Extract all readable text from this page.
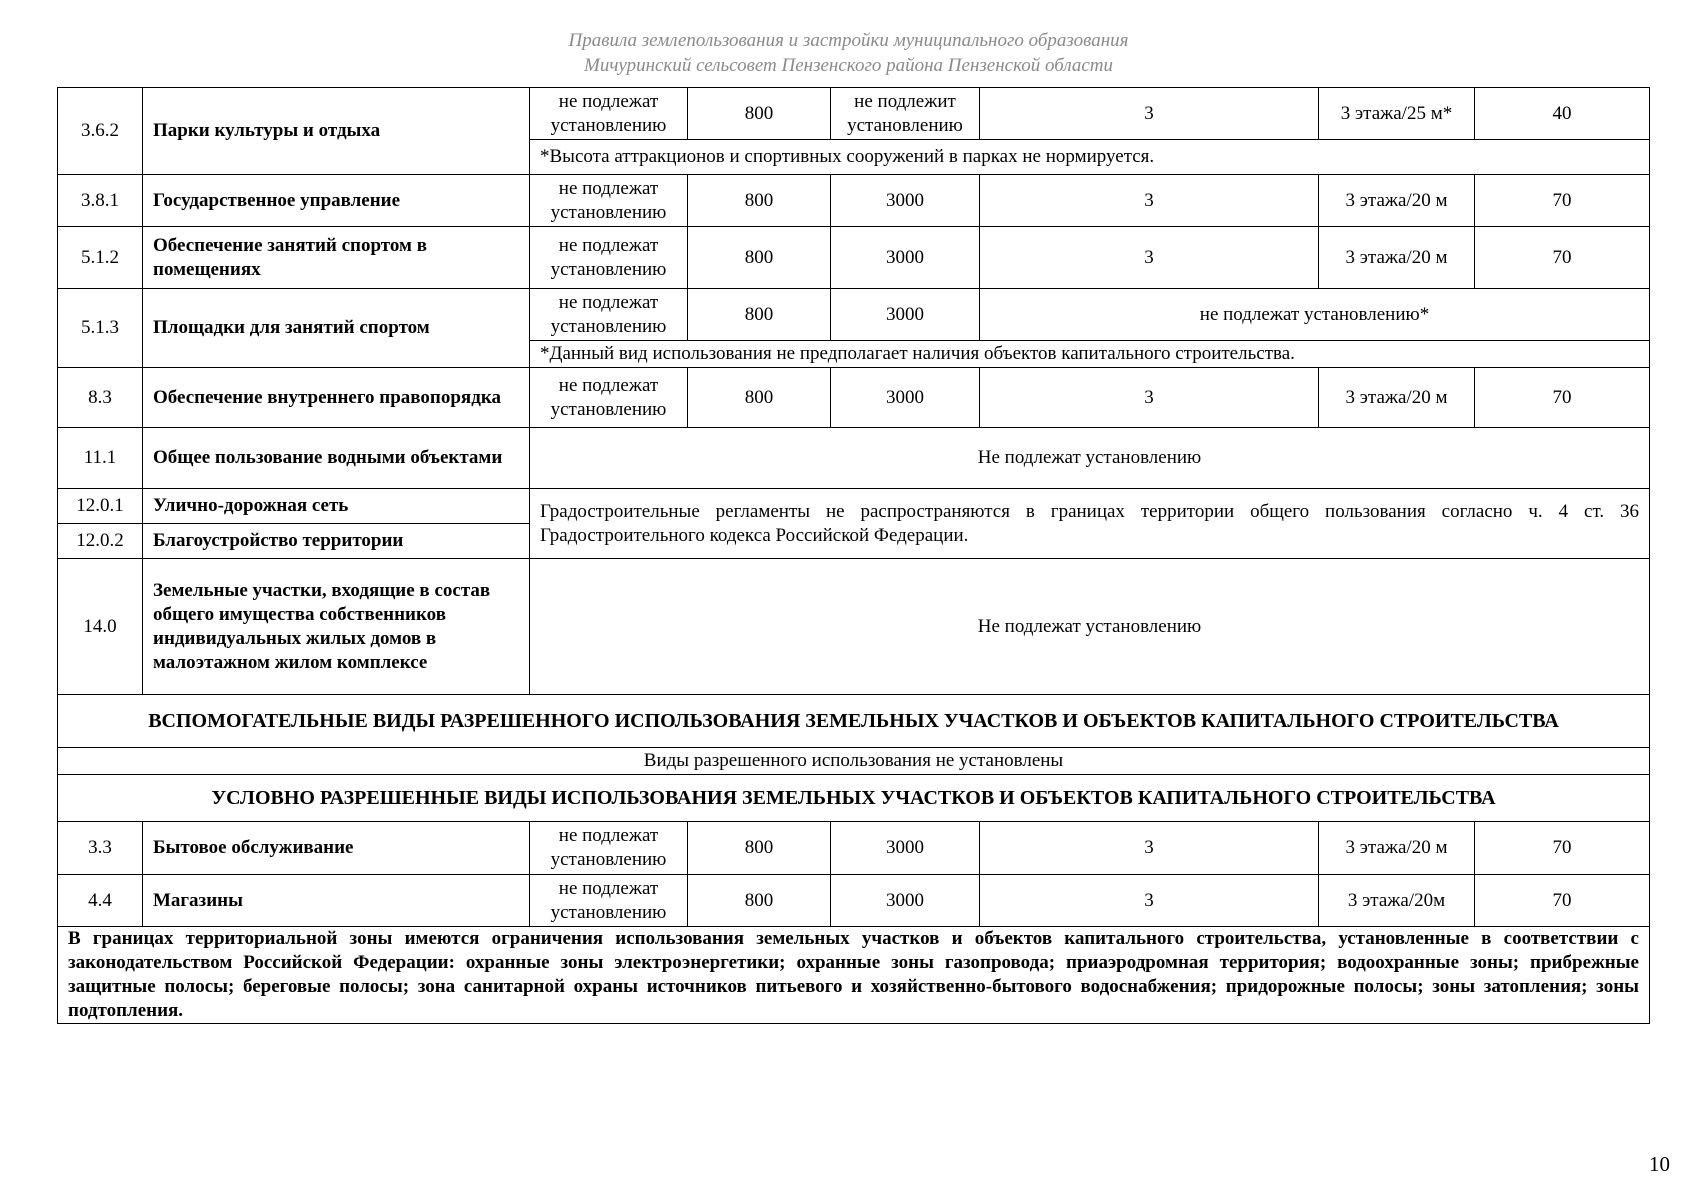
Правила землепользования и застройки муниципального образования
Мичуринский сельсовет Пензенского района Пензенской области
3.6.2	Парки культуры и отдыха	не подлежат установлению	800	не подлежит установлению	3	3 этажа/25 м*	40
		*Высота аттракционов и спортивных сооружений в парках не нормируется.					
3.8.1	Государственное управление	не подлежат установлению	800	3000	3	3 этажа/20 м	70
5.1.2	Обеспечение занятий спортом в помещениях	не подлежат установлению	800	3000	3	3 этажа/20 м	70
5.1.3	Площадки для занятий спортом	не подлежат установлению	800	3000	не подлежат установлению*		
		*Данный вид использования не предполагает наличия объектов капитального строительства.					
8.3	Обеспечение внутреннего правопорядка	не подлежат установлению	800	3000	3	3 этажа/20 м	70
11.1	Общее пользование водными объектами	Не подлежат установлению					
12.0.1	Улично-дорожная сеть	Градостроительные регламенты не распространяются в границах территории общего пользования согласно ч. 4 ст. 36 Градостроительного кодекса Российской Федерации.					
12.0.2	Благоустройство территории						
14.0	Земельные участки, входящие в состав общего имущества собственников индивидуальных жилых домов в малоэтажном жилом комплексе	Не подлежат установлению					
ВСПОМОГАТЕЛЬНЫЕ ВИДЫ РАЗРЕШЕННОГО ИСПОЛЬЗОВАНИЯ ЗЕМЕЛЬНЫХ УЧАСТКОВ И ОБЪЕКТОВ КАПИТАЛЬНОГО СТРОИТЕЛЬСТВА							
Виды разрешенного использования не установлены							
УСЛОВНО РАЗРЕШЕННЫЕ ВИДЫ ИСПОЛЬЗОВАНИЯ ЗЕМЕЛЬНЫХ УЧАСТКОВ И ОБЪЕКТОВ КАПИТАЛЬНОГО СТРОИТЕЛЬСТВА							
3.3	Бытовое обслуживание	не подлежат установлению	800	3000	3	3 этажа/20 м	70
4.4	Магазины	не подлежат установлению	800	3000	3	3 этажа/20м	70
В границах территориальной зоны имеются ограничения использования земельных участков и объектов капитального строительства, установленные в соответствии с законодательством Российской Федерации: охранные зоны электроэнергетики; охранные зоны газопровода; приаэродромная территория; водоохранные зоны; прибрежные защитные полосы; береговые полосы; зона санитарной охраны источников питьевого и хозяйственно-бытового водоснабжения; придорожные полосы; зоны затопления; зоны подтопления.							
10
